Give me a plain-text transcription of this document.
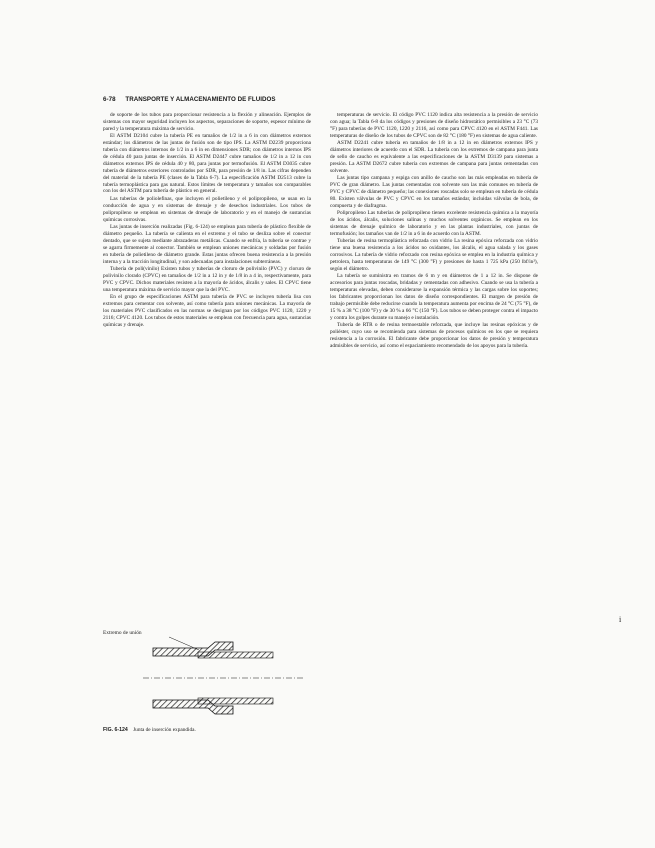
6-78 TRANSPORTE Y ALMACENAMIENTO DE FLUIDOS

de soporte de los tubos para proporcionar resistencia a la flexión y alineación. Ejemplos de sistemas con mayor seguridad incluyen los aspectos, separaciones de soporte, espesor mínimo de pared y la temperatura máxima de servicio.

El ASTM D2104 cubre la tubería PE en tamaños de 1/2 in a 6 in con diámetros externos estándar; los diámetros de las juntas de fusión son de tipo IPS. La ASTM D2239 proporciona tubería con diámetros internos de 1/2 in a 6 in en dimensiones SDR; con diámetros internos IPS de cédula 40 para juntas de inserción. El ASTM D2447 cubre tamaños de 1/2 in a 12 in con diámetros externos IPS de cédula 40 y 80, para juntas por termofusión. El ASTM D3035 cubre tubería de diámetros exteriores controlados por SDR, para presión de 1/8 in. Las cifras dependen del material de la tubería PE (clases de la Tabla 6-7). La especificación ASTM D2513 cubre la tubería termoplástica para gas natural. Estos límites de temperatura y tamaños son comparables con los del ASTM para tubería de plástico en general.

Las tuberías de poliolefinas, que incluyen el polietileno y el polipropileno, se usan en la conducción de agua y en sistemas de drenaje y de desechos industriales. Los tubos de polipropileno se emplean en sistemas de drenaje de laboratorio y en el manejo de sustancias químicas corrosivas.

Las juntas de inserción realizadas (Fig. 6-124) se emplean para tubería de plástico flexible de diámetro pequeño. La tubería se calienta en el extremo y el tubo se desliza sobre el conector dentado, que se sujeta mediante abrazaderas metálicas. Cuando se enfría, la tubería se contrae y se agarra firmemente al conector. También se emplean uniones mecánicas y soldadas por fusión en tubería de polietileno de diámetro grande. Estas juntas ofrecen buena resistencia a la presión interna y a la tracción longitudinal, y son adecuadas para instalaciones subterráneas.

Tubería de poli(vinilo) Existen tubos y tuberías de cloruro de polivinilo (PVC) y cloruro de polivinilo clorado (CPVC) en tamaños de 1/2 in a 12 in y de 1/8 in a 4 in, respectivamente, para PVC y CPVC. Dichos materiales resisten a la mayoría de ácidos, álcalis y sales. El CPVC tiene una temperatura máxima de servicio mayor que la del PVC.

En el grupo de especificaciones ASTM para tubería de PVC se incluyen tubería lisa con extremos para cementar con solvente, así como tubería para uniones mecánicas. La mayoría de los materiales PVC clasificados en las normas se designan por los códigos PVC 1120, 1220 y 2116; CPVC 4120. Los tubos de estos materiales se emplean con frecuencia para agua, sustancias químicas y drenaje.

temperaturas de servicio. El código PVC 1120 indica alta resistencia a la presión de servicio con agua; la Tabla 6-8 da los códigos y presiones de diseño hidrostático permisibles a 23 °C (73 °F) para tuberías de PVC 1120, 1220 y 2116, así como para CPVC 4120 en el ASTM F441. Las temperaturas de diseño de los tubos de CPVC son de 82 °C (180 °F) en sistemas de agua caliente.

ASTM D2241 cubre tubería en tamaños de 1/8 in a 12 in en diámetros externos IPS y diámetros interiores de acuerdo con el SDR. La tubería con los extremos de campana para junta de sello de caucho es equivalente a las especificaciones de la ASTM D3139 para sistemas a presión. La ASTM D2672 cubre tubería con extremos de campana para juntas cementadas con solvente.

Las juntas tipo campana y espiga con anillo de caucho son las más empleadas en tubería de PVC de gran diámetro. Las juntas cementadas con solvente son las más comunes en tubería de PVC y CPVC de diámetro pequeño; las conexiones roscadas solo se emplean en tubería de cédula 80. Existen válvulas de PVC y CPVC en los tamaños estándar, incluidas válvulas de bola, de compuerta y de diafragma.

Polipropileno Las tuberías de polipropileno tienen excelente resistencia química a la mayoría de los ácidos, álcalis, soluciones salinas y muchos solventes orgánicos. Se emplean en los sistemas de drenaje químico de laboratorio y en las plantas industriales, con juntas de termofusión; los tamaños van de 1/2 in a 6 in de acuerdo con la ASTM.

Tuberías de resina termoplástica reforzada con vidrio La resina epóxica reforzada con vidrio tiene una buena resistencia a los ácidos no oxidantes, los álcalis, el agua salada y los gases corrosivos. La tubería de vidrio reforzado con resina epóxica se emplea en la industria química y petrolera, hasta temperaturas de 149 °C (300 °F) y presiones de hasta 1 725 kPa (250 lbf/in²), según el diámetro.

La tubería se suministra en tramos de 6 m y en diámetros de 1 a 12 in. Se dispone de accesorios para juntas roscadas, bridadas y cementadas con adhesivo. Cuando se usa la tubería a temperaturas elevadas, deben considerarse la expansión térmica y las cargas sobre los soportes; los fabricantes proporcionan los datos de diseño correspondientes. El margen de presión de trabajo permisible debe reducirse cuando la temperatura aumenta por encima de 24 °C (75 °F), de 15 % a 38 °C (100 °F) y de 30 % a 66 °C (150 °F). Los tubos se deben proteger contra el impacto y contra los golpes durante su manejo e instalación.

Tubería de RTR o de resina termoestable reforzada, que incluye las resinas epóxicas y de poliéster, cuyo uso se recomienda para sistemas de procesos químicos en los que se requiera resistencia a la corrosión. El fabricante debe proporcionar los datos de presión y temperatura admisibles de servicio, así como el espaciamiento recomendado de los apoyos para la tubería.

Extremo de unión
FIG. 6-124 Junta de inserción expandida.
i
